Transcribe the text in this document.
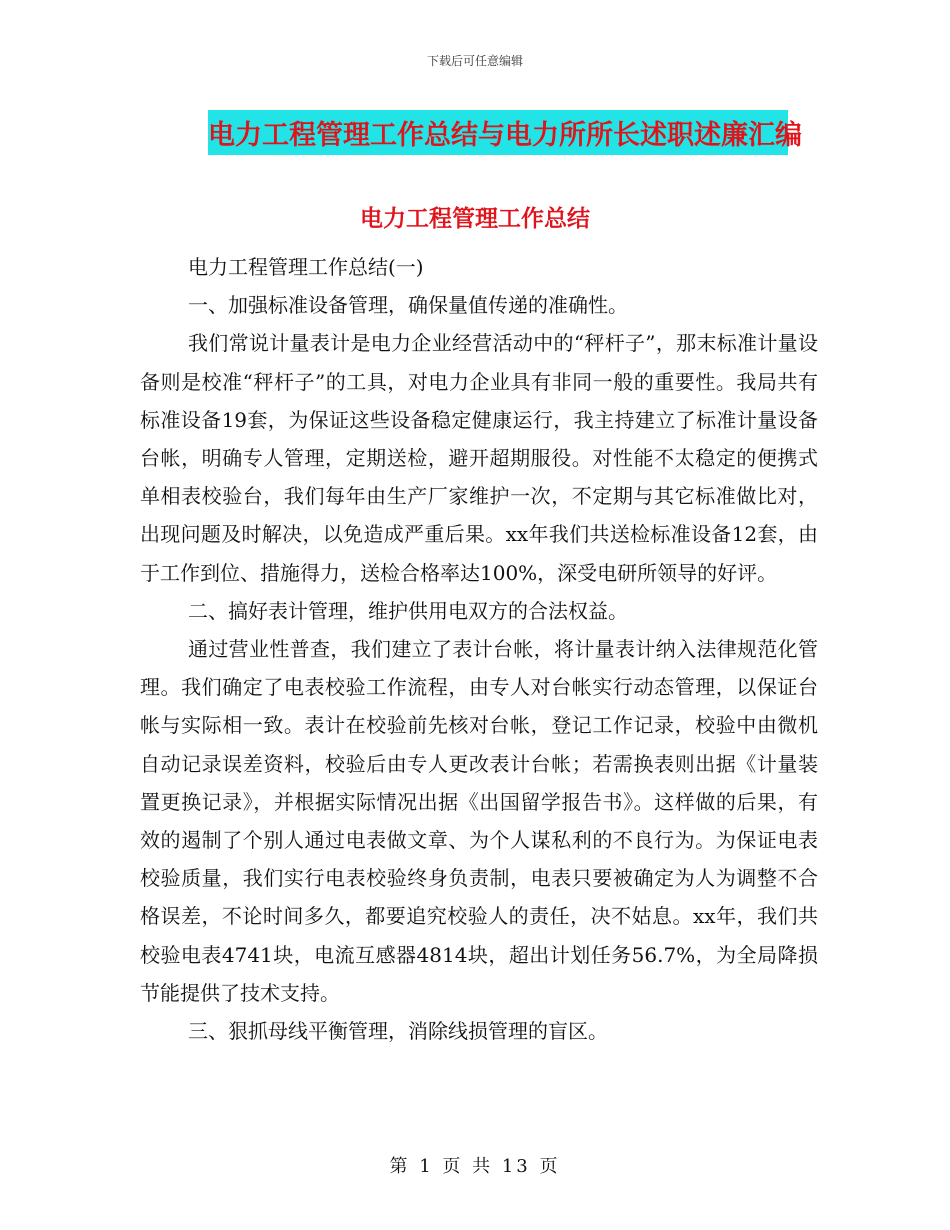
下载后可任意编辑
电力工程管理工作总结与电力所所长述职述廉汇编
电力工程管理工作总结

电力工程管理工作总结(一)

一、加强标准设备管理，确保量值传递的准确性。

我们常说计量表计是电力企业经营活动中的“秤杆子”，那末标准计量设备则是校准“秤杆子”的工具，对电力企业具有非同一般的重要性。我局共有标准设备19套，为保证这些设备稳定健康运行，我主持建立了标准计量设备台帐，明确专人管理，定期送检，避开超期服役。对性能不太稳定的便携式单相表校验台，我们每年由生产厂家维护一次，不定期与其它标准做比对，出现问题及时解决，以免造成严重后果。xx年我们共送检标准设备12套，由于工作到位、措施得力，送检合格率达100%，深受电研所领导的好评。

二、搞好表计管理，维护供用电双方的合法权益。

通过营业性普查，我们建立了表计台帐，将计量表计纳入法律规范化管理。我们确定了电表校验工作流程，由专人对台帐实行动态管理，以保证台帐与实际相一致。表计在校验前先核对台帐，登记工作记录，校验中由微机自动记录误差资料，校验后由专人更改表计台帐；若需换表则出据《计量装置更换记录》，并根据实际情况出据《出国留学报告书》。这样做的后果，有效的遏制了个别人通过电表做文章、为个人谋私利的不良行为。为保证电表校验质量，我们实行电表校验终身负责制，电表只要被确定为人为调整不合格误差，不论时间多久，都要追究校验人的责任，决不姑息。xx年，我们共校验电表4741块，电流互感器4814块，超出计划任务56.7%，为全局降损节能提供了技术支持。

三、狠抓母线平衡管理，消除线损管理的盲区。

第 1 页 共 13 页
